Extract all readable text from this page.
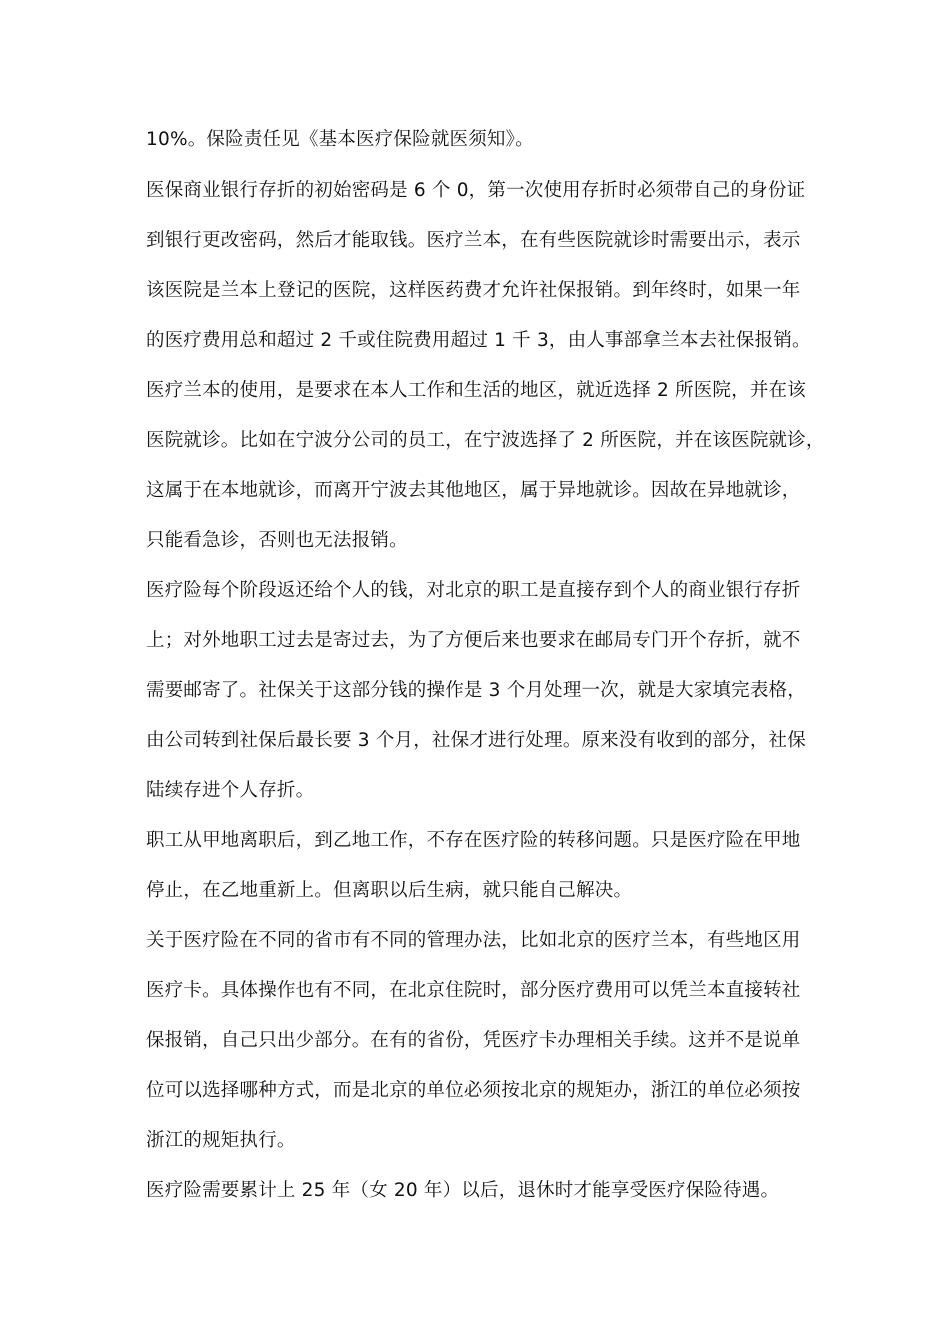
10%。保险责任见《基本医疗保险就医须知》。
医保商业银行存折的初始密码是 6 个 0，第一次使用存折时必须带自己的身份证
到银行更改密码，然后才能取钱。医疗兰本，在有些医院就诊时需要出示，表示
该医院是兰本上登记的医院，这样医药费才允许社保报销。到年终时，如果一年
的医疗费用总和超过 2 千或住院费用超过 1 千 3，由人事部拿兰本去社保报销。
医疗兰本的使用，是要求在本人工作和生活的地区，就近选择 2 所医院，并在该
医院就诊。比如在宁波分公司的员工，在宁波选择了 2 所医院，并在该医院就诊，
这属于在本地就诊，而离开宁波去其他地区，属于异地就诊。因故在异地就诊，
只能看急诊，否则也无法报销。
医疗险每个阶段返还给个人的钱，对北京的职工是直接存到个人的商业银行存折
上；对外地职工过去是寄过去，为了方便后来也要求在邮局专门开个存折，就不
需要邮寄了。社保关于这部分钱的操作是 3 个月处理一次，就是大家填完表格，
由公司转到社保后最长要 3 个月，社保才进行处理。原来没有收到的部分，社保
陆续存进个人存折。
职工从甲地离职后，到乙地工作，不存在医疗险的转移问题。只是医疗险在甲地
停止，在乙地重新上。但离职以后生病，就只能自己解决。
关于医疗险在不同的省市有不同的管理办法，比如北京的医疗兰本，有些地区用
医疗卡。具体操作也有不同，在北京住院时，部分医疗费用可以凭兰本直接转社
保报销，自己只出少部分。在有的省份，凭医疗卡办理相关手续。这并不是说单
位可以选择哪种方式，而是北京的单位必须按北京的规矩办，浙江的单位必须按
浙江的规矩执行。
医疗险需要累计上 25 年（女 20 年）以后，退休时才能享受医疗保险待遇。
